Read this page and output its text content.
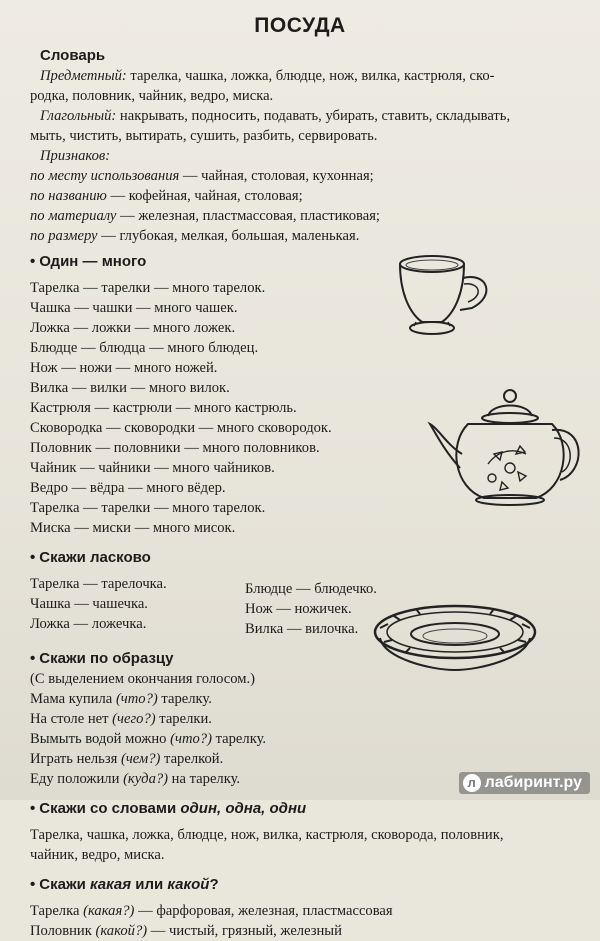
ПОСУДА

Словарь

Предметный: тарелка, чашка, ложка, блюдце, нож, вилка, кастрюля, ско-

родка, половник, чайник, ведро, миска.

Глагольный: накрывать, подносить, подавать, убирать, ставить, складывать,

мыть, чистить, вытирать, сушить, разбить, сервировать.

Признаков:

по месту использования — чайная, столовая, кухонная;

по названию — кофейная, чайная, столовая;

по материалу — железная, пластмассовая, пластиковая;

по размеру — глубокая, мелкая, большая, маленькая.

• Один — много

Тарелка — тарелки — много тарелок.

Чашка — чашки — много чашек.

Ложка — ложки — много ложек.

Блюдце — блюдца — много блюдец.

Нож — ножи — много ножей.

Вилка — вилки — много вилок.

Кастрюля — кастрюли — много кастрюль.

Сковородка — сковородки — много сковородок.

Половник — половники — много половников.

Чайник — чайники — много чайников.

Ведро — вёдра — много вёдер.

Тарелка — тарелки — много тарелок.

Миска — миски — много мисок.

• Скажи ласково

Тарелка — тарелочка.

Чашка — чашечка.

Ложка — ложечка.

Блюдце — блюдечко.

Нож — ножичек.

Вилка — вилочка.

• Скажи по образцу

(С выделением окончания голосом.)

Мама купила (что?) тарелку.

На столе нет (чего?) тарелки.

Вымыть водой можно (что?) тарелку.

Играть нельзя (чем?) тарелкой.

Еду положили (куда?) на тарелку.

• Скажи со словами один, одна, одни

Тарелка, чашка, ложка, блюдце, нож, вилка, кастрюля, сковорода, половник,

чайник, ведро, миска.

• Скажи какая или какой?

Тарелка (какая?) — фарфоровая, железная, пластмассовая

Половник (какой?) — чистый, грязный, железный

л лабиринт.ру
